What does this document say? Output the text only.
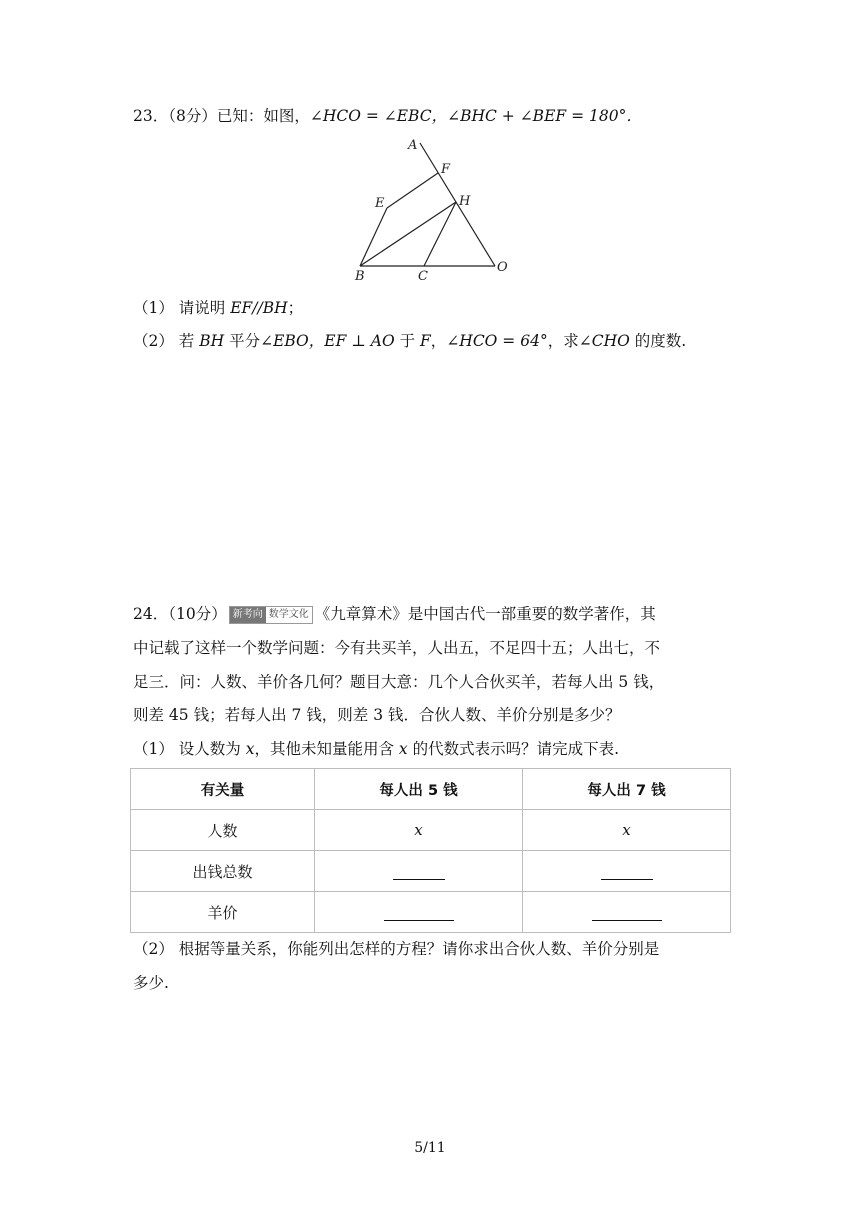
23．（8分）已知：如图，∠HCO = ∠EBC，∠BHC + ∠BEF = 180°．
A
F
E	H
B	C
O
（1） 请说明 EF//BH；
（2） 若 BH 平分∠EBO，EF ⊥ AO 于 F，∠HCO = 64°，求∠CHO 的度数.
24．（10分） 新考向 数学文化 《九章算术》是中国古代一部重要的数学著作，其
中记载了这样一个数学问题：今有共买羊，人出五，不足四十五；人出七，不
足三．问：人数、羊价各几何？题目大意：几个人合伙买羊，若每人出 5 钱，
则差 45 钱；若每人出 7 钱，则差 3 钱．合伙人数、羊价分别是多少？
（1） 设人数为 x，其他未知量能用含 x 的代数式表示吗？请完成下表.
有关量	每人出 5 钱	每人出 7 钱
人数	x	x
出钱总数		
羊价		
（2） 根据等量关系，你能列出怎样的方程？请你求出合伙人数、羊价分别是
多少.
5/11
